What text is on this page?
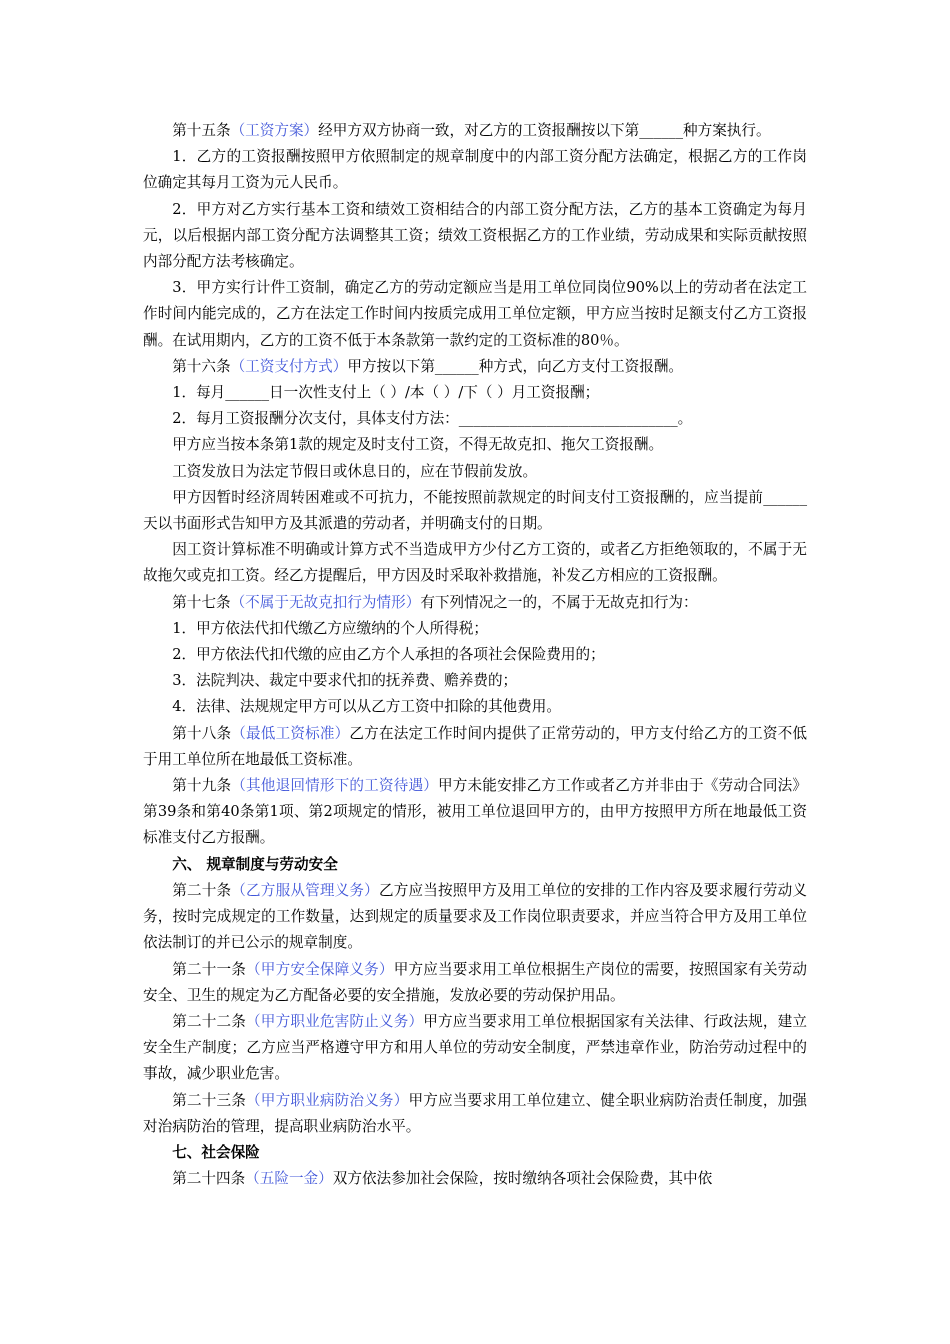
第十五条（工资方案）经甲方双方协商一致，对乙方的工资报酬按以下第______种方案执行。

1．乙方的工资报酬按照甲方依照制定的规章制度中的内部工资分配方法确定，根据乙方的工作岗位确定其每月工资为元人民币。

2．甲方对乙方实行基本工资和绩效工资相结合的内部工资分配方法，乙方的基本工资确定为每月元，以后根据内部工资分配方法调整其工资；绩效工资根据乙方的工作业绩，劳动成果和实际贡献按照内部分配方法考核确定。

3．甲方实行计件工资制，确定乙方的劳动定额应当是用工单位同岗位90%以上的劳动者在法定工作时间内能完成的，乙方在法定工作时间内按质完成用工单位定额，甲方应当按时足额支付乙方工资报酬。在试用期内，乙方的工资不低于本条款第一款约定的工资标准的80％。

第十六条（工资支付方式）甲方按以下第______种方式，向乙方支付工资报酬。

1．每月______日一次性支付上（ ）/本（ ）/下（ ）月工资报酬；

2．每月工资报酬分次支付，具体支付方法：______________________________。

甲方应当按本条第1款的规定及时支付工资，不得无故克扣、拖欠工资报酬。

工资发放日为法定节假日或休息日的，应在节假前发放。

甲方因暂时经济周转困难或不可抗力，不能按照前款规定的时间支付工资报酬的，应当提前______天以书面形式告知甲方及其派遣的劳动者，并明确支付的日期。

因工资计算标准不明确或计算方式不当造成甲方少付乙方工资的，或者乙方拒绝领取的，不属于无故拖欠或克扣工资。经乙方提醒后，甲方因及时采取补救措施，补发乙方相应的工资报酬。

第十七条（不属于无故克扣行为情形）有下列情况之一的，不属于无故克扣行为：

1．甲方依法代扣代缴乙方应缴纳的个人所得税；

2．甲方依法代扣代缴的应由乙方个人承担的各项社会保险费用的；

3．法院判决、裁定中要求代扣的抚养费、赡养费的；

4．法律、法规规定甲方可以从乙方工资中扣除的其他费用。

第十八条（最低工资标准）乙方在法定工作时间内提供了正常劳动的，甲方支付给乙方的工资不低于用工单位所在地最低工资标准。

第十九条（其他退回情形下的工资待遇）甲方未能安排乙方工作或者乙方并非由于《劳动合同法》第39条和第40条第1项、第2项规定的情形，被用工单位退回甲方的，由甲方按照甲方所在地最低工资标准支付乙方报酬。

六、 规章制度与劳动安全

第二十条（乙方服从管理义务）乙方应当按照甲方及用工单位的安排的工作内容及要求履行劳动义务，按时完成规定的工作数量，达到规定的质量要求及工作岗位职责要求，并应当符合甲方及用工单位依法制订的并已公示的规章制度。

第二十一条（甲方安全保障义务）甲方应当要求用工单位根据生产岗位的需要，按照国家有关劳动安全、卫生的规定为乙方配备必要的安全措施，发放必要的劳动保护用品。

第二十二条（甲方职业危害防止义务）甲方应当要求用工单位根据国家有关法律、行政法规，建立安全生产制度；乙方应当严格遵守甲方和用人单位的劳动安全制度，严禁违章作业，防治劳动过程中的事故，减少职业危害。

第二十三条（甲方职业病防治义务）甲方应当要求用工单位建立、健全职业病防治责任制度，加强对治病防治的管理，提高职业病防治水平。

七、社会保险

第二十四条（五险一金）双方依法参加社会保险，按时缴纳各项社会保险费，其中依
